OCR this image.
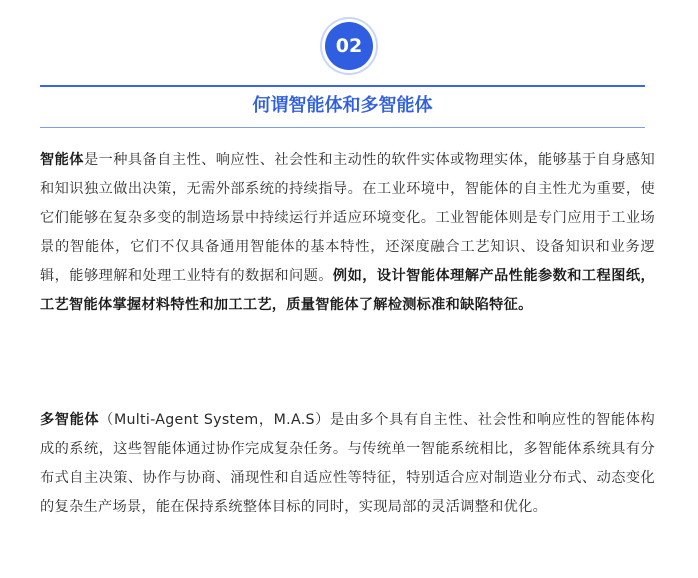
02
何谓智能体和多智能体
智能体是一种具备自主性、响应性、社会性和主动性的软件实体或物理实体，能够基于自身感知和知识独立做出决策，无需外部系统的持续指导。在工业环境中，智能体的自主性尤为重要，使它们能够在复杂多变的制造场景中持续运行并适应环境变化。工业智能体则是专门应用于工业场景的智能体，它们不仅具备通用智能体的基本特性，还深度融合工艺知识、设备知识和业务逻辑，能够理解和处理工业特有的数据和问题。例如，设计智能体理解产品性能参数和工程图纸，工艺智能体掌握材料特性和加工工艺，质量智能体了解检测标准和缺陷特征。
多智能体（Multi-Agent System，M.A.S）是由多个具有自主性、社会性和响应性的智能体构成的系统，这些智能体通过协作完成复杂任务。与传统单一智能系统相比，多智能体系统具有分布式自主决策、协作与协商、涌现性和自适应性等特征，特别适合应对制造业分布式、动态变化的复杂生产场景，能在保持系统整体目标的同时，实现局部的灵活调整和优化。
